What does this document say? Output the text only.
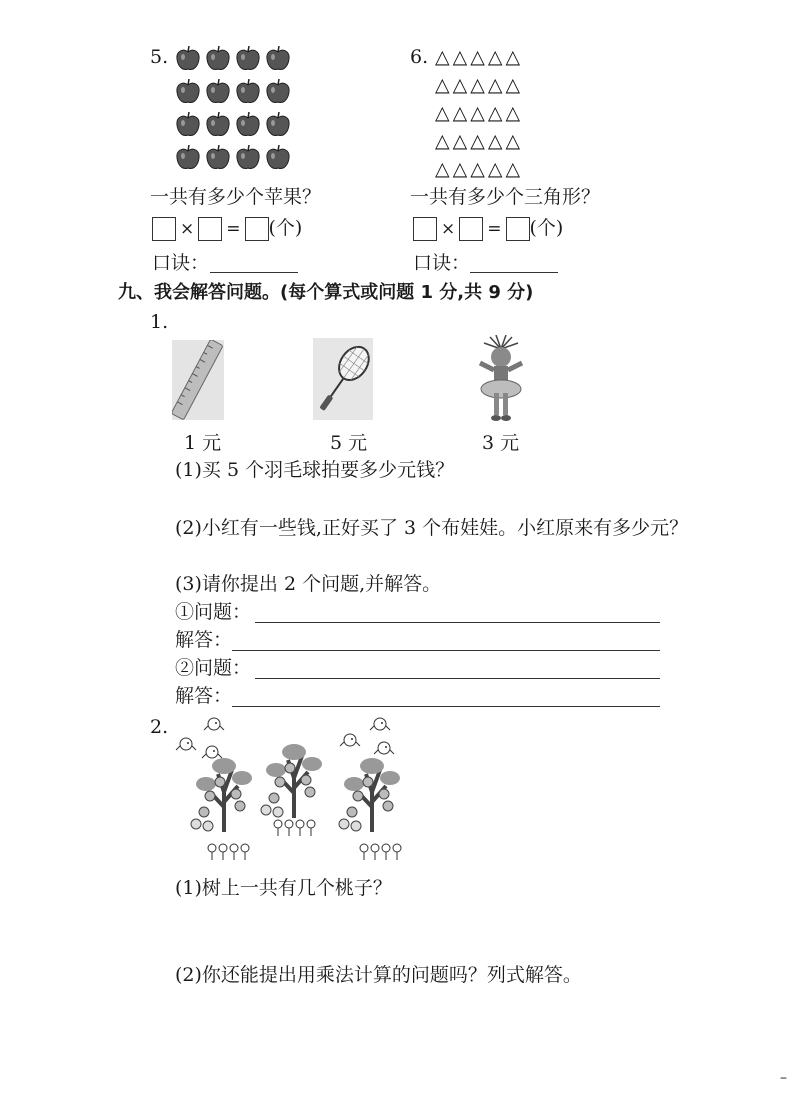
5.
一共有多少个苹果？
× = (个)
口诀：
6. △△△△△
△△△△△
△△△△△
△△△△△
△△△△△
一共有多少个三角形？
× = (个)
口诀：
九、我会解答问题。(每个算式或问题 1 分,共 9 分)
1.
1 元	5 元	3 元
(1)买 5 个羽毛球拍要多少元钱？
(2)小红有一些钱,正好买了 3 个布娃娃。小红原来有多少元？
(3)请你提出 2 个问题,并解答。
①问题：
解答：
②问题：
解答：
2.
(1)树上一共有几个桃子？
(2)你还能提出用乘法计算的问题吗？列式解答。
–
